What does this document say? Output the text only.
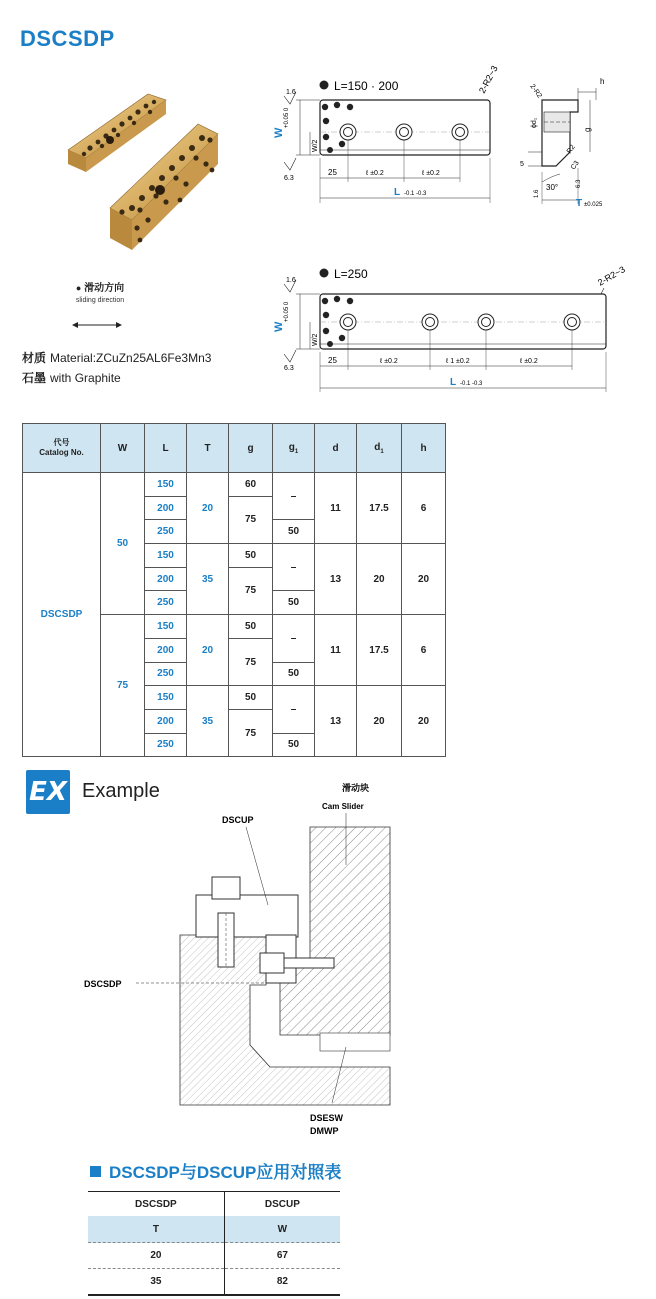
DSCSDP
● 滑动方向
sliding direction
材质 Material:ZCuZn25AL6Fe3Mn3
石墨 with Graphite
L=150 · 200	2-R2~3
1.6
W
+0.05 0
W/2
6.3
25	ℓ ±0.2	ℓ ±0.2
L -0.1 -0.3
2-R2
h
ϕd₁
g
R2
C3
5
30°
1.6
6.3
T ±0.025
L=250	2-R2~3
1.6
W
+0.05 0
W/2
6.3
25	ℓ ±0.2	ℓ 1 ±0.2	ℓ ±0.2
L -0.1 -0.3
代号
Catalog No.	W	L	T	g	$g_1$	d	$d_1$	h
DSCSDP	50	150	20	60	–	11	17.5	6
		200		75				
		250			50			
		150	35	50	–	13	20	20
		200		75				
		250			50			
	75	150	20	50	–	11	17.5	6
		200		75				
		250			50			
		150	35	50	–	13	20	20
		200		75				
		250			50			
EX Example	滑动块
Cam Slider
DSCUP
DSCSDP
DSESW
DMWP
DSCSDP与DSCUP应用对照表
DSCSDP	DSCUP
T	W
20	67
35	82
